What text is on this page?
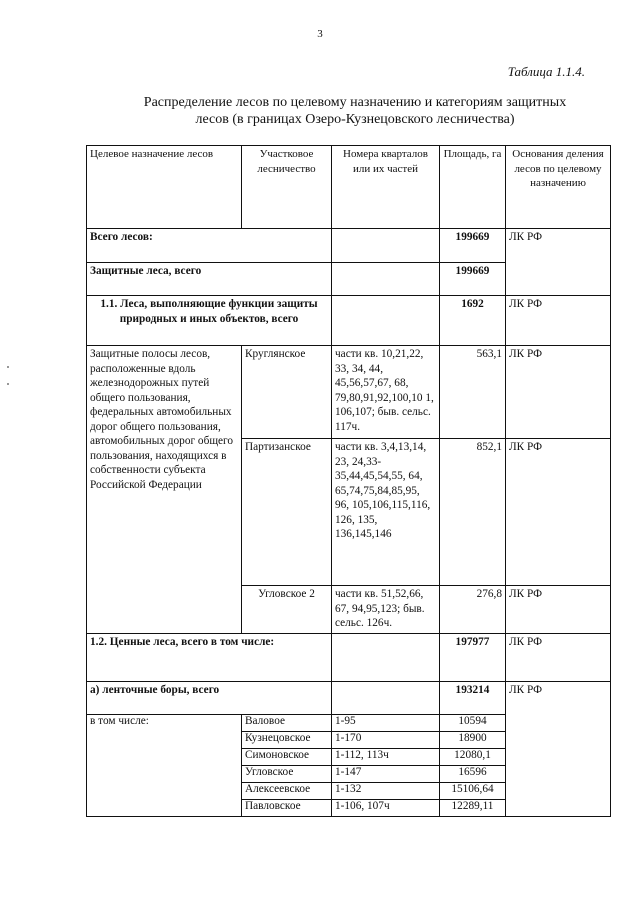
3
Таблица 1.1.4.
Распределение лесов по целевому назначению и категориям защитных
лесов (в границах Озеро-Кузнецовского лесничества)
Целевое назначение лесов	Участковое лесничество	Номера кварталов или их частей	Площадь, га	Основания деления лесов по целевому назначению
Всего лесов:			199669	ЛК РФ
Защитные леса, всего			199669	
1.1. Леса, выполняющие функции защиты природных и иных объектов, всего			1692	ЛК РФ
Защитные полосы лесов, расположенные вдоль железнодорожных путей общего пользования, федеральных автомобильных дорог общего пользования, автомобильных дорог общего пользования, находящихся в собственности субъекта Российской Федерации	Круглянское	части кв. 10,21,22, 33, 34, 44, 45,56,57,67, 68, 79,80,91,92,100,10 1, 106,107; быв. сельс. 117ч.	563,1	ЛК РФ
	Партизанское	части кв. 3,4,13,14, 23, 24,33- 35,44,45,54,55, 64, 65,74,75,84,85,95, 96, 105,106,115,116, 126, 135, 136,145,146	852,1	ЛК РФ
	Угловское 2	части кв. 51,52,66, 67, 94,95,123; быв. сельс. 126ч.	276,8	ЛК РФ
1.2. Ценные леса, всего в том числе:			197977	ЛК РФ
а) ленточные боры, всего			193214	ЛК РФ
в том числе:	Валовое	1-95	10594	
	Кузнецовское	1-170	18900	
	Симоновское	1-112, 113ч	12080,1	
	Угловское	1-147	16596	
	Алексеевское	1-132	15106,64	
	Павловское	1-106, 107ч	12289,11	
